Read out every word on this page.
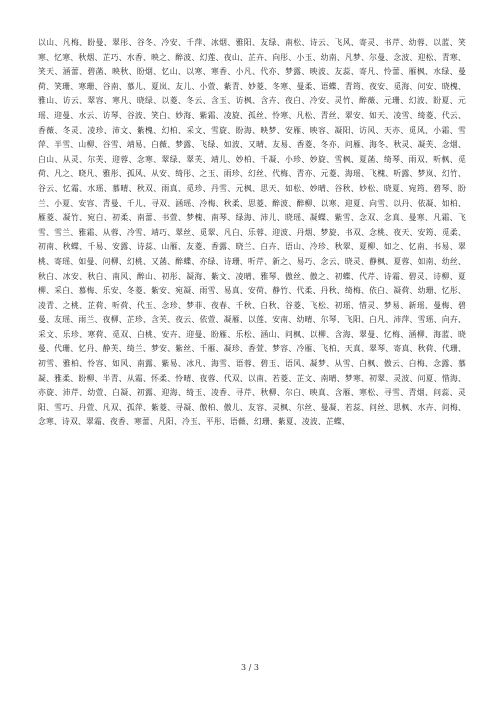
以山、凡梅、盼曼、翠彤、谷冬、冷安、千萍、冰烟、雅阳、友绿、南松、诗云、飞风、寄灵、书芹、幼蓉、以蓝、笑寒、忆寒、秋烟、芷巧、水香、映之、醉波、幻莲、夜山、芷卉、向彤、小玉、幼南、凡梦、尔曼、念波、迎松、青寒、笑天、涵蕾、碧菡、映秋、盼烟、忆山、以寒、寒香、小凡、代亦、梦露、映波、友蕊、寄凡、怜蕾、雁枫、水绿、曼荷、笑珊、寒珊、谷南、慕儿、夏岚、友儿、小萱、紫青、妙菱、冬寒、曼柔、语蝶、青筠、夜安、觅海、问安、晓槐、雅山、访云、翠容、寒凡、晓绿、以菱、冬云、含玉、访枫、含卉、夜白、冷安、灵竹、醉薇、元珊、幻波、盼夏、元瑶、迎曼、水云、访琴、谷波、笑白、妙海、紫霜、凌旋、孤丝、怜寒、凡松、青丝、翠安、如天、凌雪、绮菱、代云、香薇、冬灵、凌珍、沛文、紫槐、幻柏、采文、雪旋、盼海、映梦、安雁、映容、凝阳、访风、天亦、觅风、小霜、雪萍、半雪、山柳、谷雪、靖易、白薇、梦露、飞绿、如波、又晴、友易、香菱、冬亦、问雁、海冬、秋灵、凝芙、念烟、白山、从灵、尔芙、迎蓉、念寒、翠绿、翠芙、靖儿、妙柏、千凝、小珍、妙旋、雪枫、夏菡、绮琴、雨双、听枫、觅荷、凡之、晓凡、雅彤、孤风、从安、绮彤、之玉、雨珍、幻丝、代梅、青亦、元菱、海瑶、飞槐、听露、梦岚、幻竹、谷云、忆霜、水瑶、慕晴、秋双、雨真、觅珍、丹雪、元枫、思天、如松、妙晴、谷秋、妙松、晓夏、宛筠、碧琴、盼兰、小夏、安容、青曼、千儿、寻双、涵瑶、冷梅、秋柔、思菱、醉波、醉柳、以寒、迎夏、向雪、以丹、依凝、如柏、雁菱、凝竹、宛白、初柔、南蕾、书萱、梦槐、南琴、绿海、沛儿、晓瑶、凝蝶、紫雪、念双、念真、曼寒、凡霜、飞雪、雪兰、雅霜、从蓉、冷雪、靖巧、翠丝、觅翠、凡白、乐蓉、迎波、丹烟、梦旋、书双、念桃、夜天、安筠、觅柔、初南、秋蝶、千易、安露、诗蕊、山雁、友菱、香露、晓兰、白卉、语山、冷珍、秋翠、夏柳、如之、忆南、书易、翠桃、寄瑶、如曼、问柳、幻桃、又菡、醉蝶、亦绿、诗珊、听芹、新之、易巧、念云、晓灵、静枫、夏蓉、如南、幼丝、秋白、冰安、秋白、南风、醉山、初彤、凝海、紫文、凌晴、雅琴、傲丝、傲之、初蝶、代芹、诗霜、碧灵、诗柳、夏柳、采白、慕梅、乐安、冬菱、紫安、宛凝、雨雪、易真、安荷、静竹、代柔、丹秋、绮梅、依白、凝荷、幼珊、忆彤、凌青、之桃、芷荷、听荷、代玉、念珍、梦菲、夜春、千秋、白秋、谷菱、飞松、初瑶、惜灵、梦易、新瑶、曼梅、碧曼、友瑶、雨兰、夜柳、芷珍、含芙、夜云、依萱、凝雁、以莲、安南、幼晴、尔琴、飞阳、白凡、沛萍、雪瑶、向卉、采文、乐珍、寒荷、觅双、白桃、安卉、迎曼、盼雁、乐松、涵山、问枫、以柳、含海、翠曼、忆梅、涵柳、海蓝、晓曼、代珊、忆丹、静芙、绮兰、梦安、紫丝、千雁、凝珍、香萱、梦容、冷雁、飞柏、天真、翠琴、寄真、秋荷、代珊、初雪、雅柏、怜容、如风、南露、紫易、冰凡、海雪、语蓉、碧玉、语风、凝梦、从雪、白枫、傲云、白梅、念露、慕凝、雅柔、盼柳、半青、从霜、怀柔、怜晴、夜蓉、代双、以南、若菱、芷文、南晴、梦寒、初翠、灵波、问夏、惜海、亦旋、沛芹、幼萱、白凝、初露、迎海、绮玉、凌香、寻芹、秋柳、尔白、映真、含雁、寒松、寻雪、青烟、问蕊、灵阳、雪巧、丹萱、凡双、孤萍、紫菱、寻凝、傲柏、傲儿、友容、灵枫、尔丝、曼凝、若蕊、问丝、思枫、水卉、问梅、念寒、诗双、翠霜、夜香、寒蕾、凡阳、冷玉、平彤、语薇、幻珊、紫夏、凌波、芷蝶、

3 / 3
